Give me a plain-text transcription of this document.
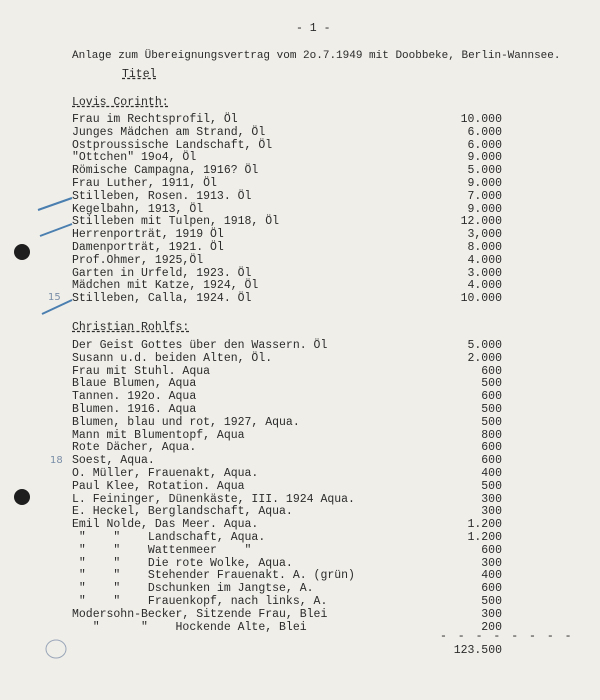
- 1 -
Anlage zum Übereignungsvertrag vom 2o.7.1949 mit Doobbeke, Berlin-Wannsee.
Titel
Lovis Corinth:
Frau im Rechtsprofil, Öl	10.000
Junges Mädchen am Strand, Öl	6.000
Ostproussische Landschaft, Öl	6.000
"Ottchen" 19o4, Öl	9.000
Römische Campagna, 1916? Öl	5.000
Frau Luther, 1911, Öl	9.000
Stilleben, Rosen. 1913. Öl	7.000
Kegelbahn, 1913, Öl	9.000
Stilleben mit Tulpen, 1918, Öl	12.000
Herrenporträt, 1919 Öl	3,000
Damenporträt, 1921. Öl	8.000
Prof.Ohmer, 1925,Öl	4.000
Garten in Urfeld, 1923. Öl	3.000
Mädchen mit Katze, 1924, Öl	4.000
Stilleben, Calla, 1924. Öl	10.000
Christian Rohlfs:
Der Geist Gottes über den Wassern. Öl	5.000
Susann u.d. beiden Alten, Öl.	2.000
Frau mit Stuhl. Aqua	600
Blaue Blumen, Aqua	500
Tannen. 192o. Aqua	600
Blumen. 1916. Aqua	500
Blumen, blau und rot, 1927, Aqua.	500
Mann mit Blumentopf, Aqua	800
Rote Dächer, Aqua.	600
Soest, Aqua.	600
O. Müller, Frauenakt, Aqua.	400
Paul Klee, Rotation. Aqua	500
L. Feininger, Dünenkäste, III. 1924 Aqua.	300
E. Heckel, Berglandschaft, Aqua.	300
Emil Nolde, Das Meer. Aqua.	1.200
"    "    Landschaft, Aqua.	1.200
"    "    Wattenmeer    "	600
"    "    Die rote Wolke, Aqua.	300
"    "    Stehender Frauenakt. A. (grün)	400
"    "    Dschunken im Jangtse, A.	600
"    "    Frauenkopf, nach links, A.	500
Modersohn-Becker, Sitzende Frau, Blei	300
"      "    Hockende Alte, Blei	200
- - - - - - - -
123.500
15
18
